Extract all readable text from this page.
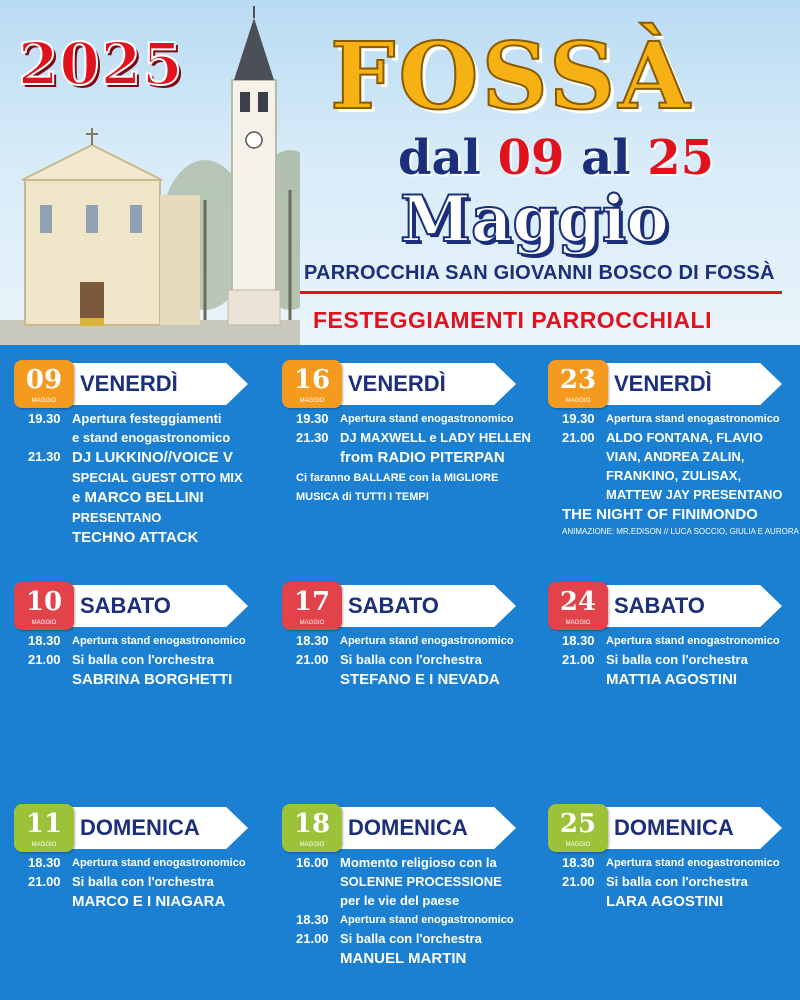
2025 FOSSÀ
dal 09 al 25
Maggio
PARROCCHIA SAN GIOVANNI BOSCO DI FOSSÀ
FESTEGGIAMENTI PARROCCHIALI
09
MAGGIO
VENERDÌ
19.30 Apertura festeggiamenti
e stand enogastronomico
21.30 DJ LUKKINO//VOICE V
SPECIAL GUEST OTTO MIX
e MARCO BELLINI
PRESENTANO
TECHNO ATTACK
10
MAGGIO
SABATO
18.30	Apertura stand enogastronomico
21.00 Si balla con l'orchestra
SABRINA BORGHETTI
11
MAGGIO
DOMENICA
18.30	Apertura stand enogastronomico
21.00 Si balla con l'orchestra
MARCO E I NIAGARA
16
MAGGIO
VENERDÌ
19.30	Apertura stand enogastronomico
21.30 DJ MAXWELL e LADY HELLEN
from RADIO PITERPAN
Ci faranno BALLARE con la MIGLIORE
MUSICA di TUTTI I TEMPI
17
MAGGIO
SABATO
18.30	Apertura stand enogastronomico
21.00 Si balla con l'orchestra
STEFANO E I NEVADA
18
MAGGIO
DOMENICA
16.00 Momento religioso con la
SOLENNE PROCESSIONE
per le vie del paese
18.30	Apertura stand enogastronomico
21.00 Si balla con l'orchestra
MANUEL MARTIN
23
MAGGIO
VENERDÌ
19.30	Apertura stand enogastronomico
21.00 ALDO FONTANA, FLAVIO
VIAN, ANDREA ZALIN,
FRANKINO, ZULISAX,
MATTEW JAY PRESENTANO
THE NIGHT OF FINIMONDO
ANIMAZIONE: MR.EDISON // LUCA SOCCIO, GIULIA E AURORA
24
MAGGIO
SABATO
18.30	Apertura stand enogastronomico
21.00 Si balla con l'orchestra
MATTIA AGOSTINI
25
MAGGIO
DOMENICA
18.30	Apertura stand enogastronomico
21.00 Si balla con l'orchestra
LARA AGOSTINI
